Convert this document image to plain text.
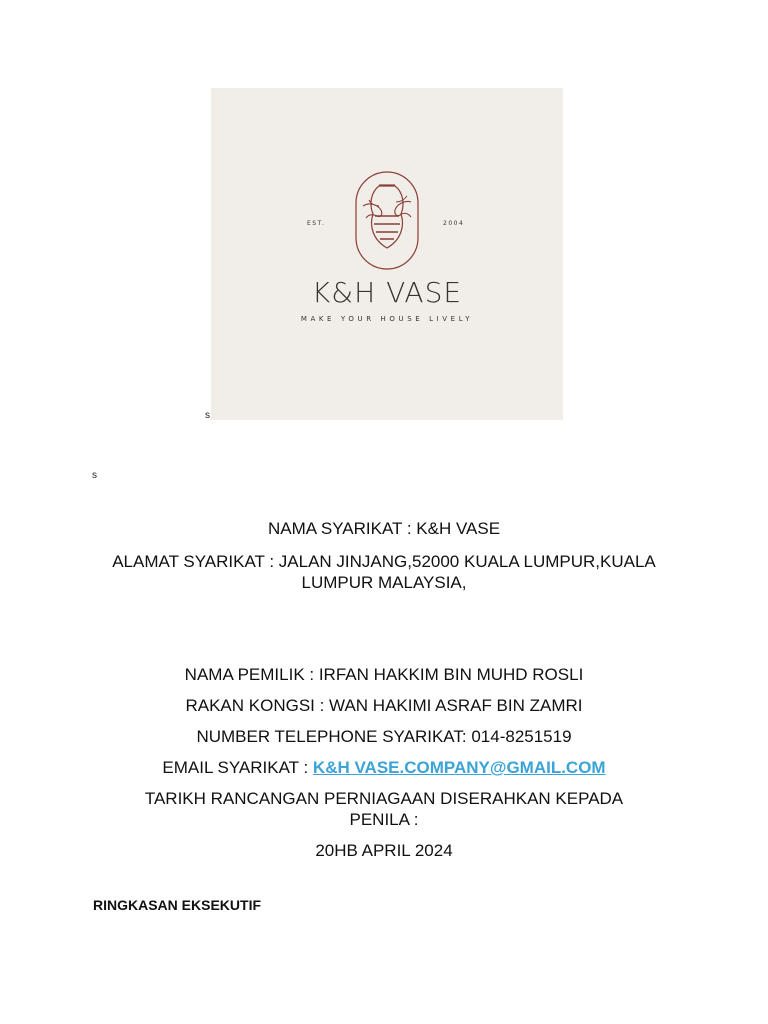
EST.	2004
K&H VASE
MAKE YOUR HOUSE LIVELY
s
s
NAMA SYARIKAT : K&H VASE
ALAMAT SYARIKAT : JALAN JINJANG,52000 KUALA LUMPUR,KUALA
LUMPUR MALAYSIA,
NAMA PEMILIK : IRFAN HAKKIM BIN MUHD ROSLI
RAKAN KONGSI : WAN HAKIMI ASRAF BIN ZAMRI
NUMBER TELEPHONE SYARIKAT: 014-8251519
EMAIL SYARIKAT : K&H VASE.COMPANY@GMAIL.COM
TARIKH RANCANGAN PERNIAGAAN DISERAHKAN KEPADA
PENILA :
20HB APRIL 2024
RINGKASAN EKSEKUTIF
